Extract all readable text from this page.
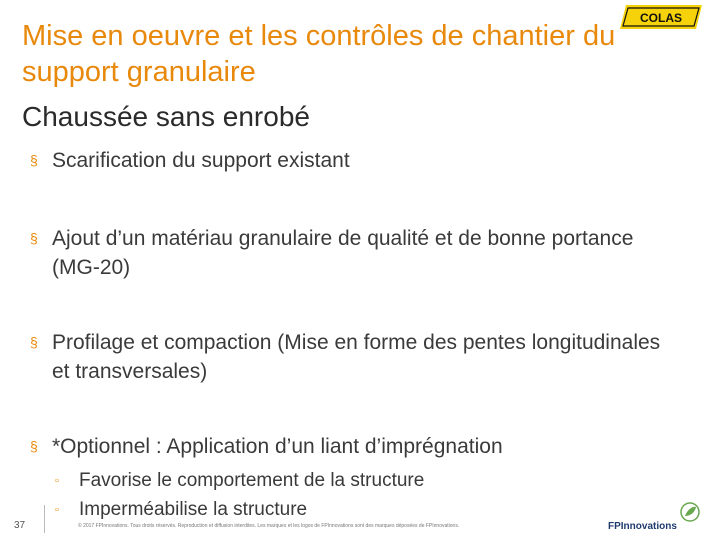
Mise en oeuvre et les contrôles de chantier du support granulaire
COLAS
Chaussée sans enrobé
§ Scarification du support existant
§ Ajout d’un matériau granulaire de qualité et de bonne portance (MG-20)
§ Profilage et compaction (Mise en forme des pentes longitudinales et transversales)
§ *Optionnel : Application d’un liant d’imprégnation
▫	Favorise le comportement de la structure
▫	Imperméabilise la structure
37	© 2017 FPInnovations. Tous droits réservés. Reproduction et diffusion interdites. Les marques et les logos de FPInnovations sont des marques déposées de FPInnovations.	FPInnovations
